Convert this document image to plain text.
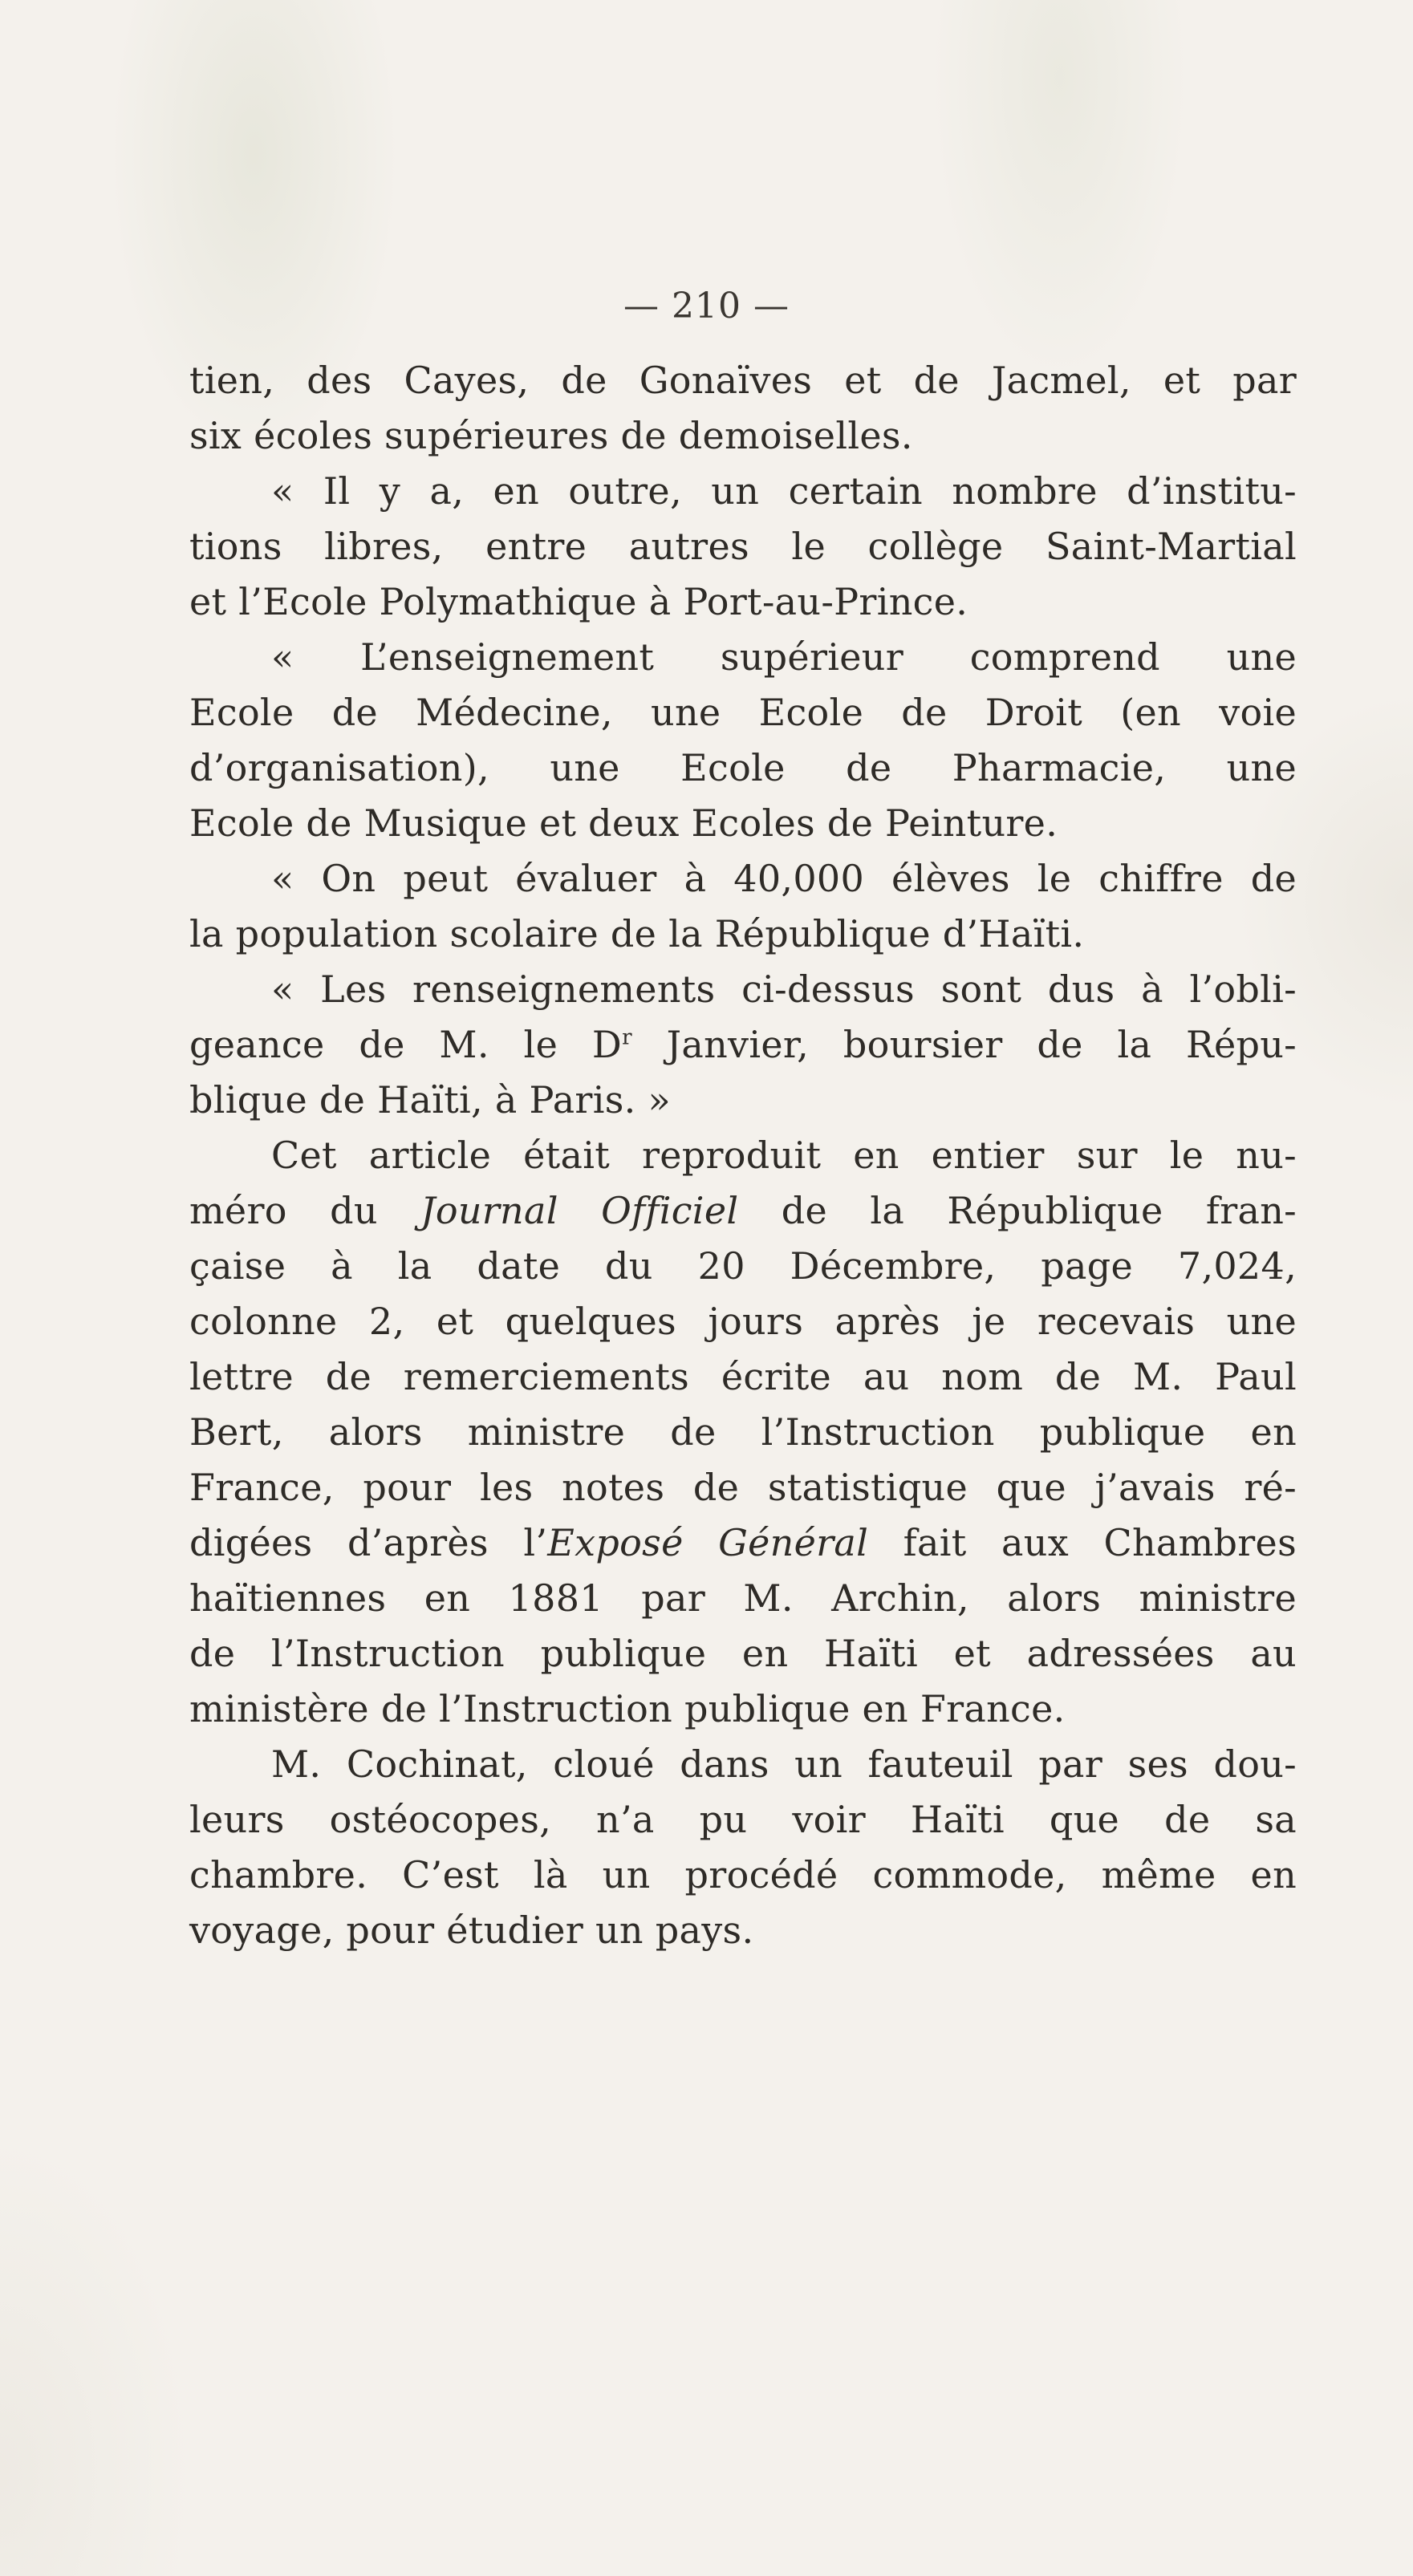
— 210 —
tien, des Cayes, de Gonaïves et de Jacmel, et par
six écoles supérieures de demoiselles.
« Il y a, en outre, un certain nombre d’institu-
tions libres, entre autres le collège Saint-Martial
et l’Ecole Polymathique à Port-au-Prince.
« L’enseignement supérieur comprend une
Ecole de Médecine, une Ecole de Droit (en voie
d’organisation), une Ecole de Pharmacie, une
Ecole de Musique et deux Ecoles de Peinture.
« On peut évaluer à 40,000 élèves le chiffre de
la population scolaire de la République d’Haïti.
« Les renseignements ci-dessus sont dus à l’obli-
geance de M. le $D^r$ Janvier, boursier de la Répu-
blique de Haïti, à Paris. »
Cet article était reproduit en entier sur le nu-
méro du Journal Officiel de la République fran-
çaise à la date du 20 Décembre, page 7,024,
colonne 2, et quelques jours après je recevais une
lettre de remerciements écrite au nom de M. Paul
Bert, alors ministre de l’Instruction publique en
France, pour les notes de statistique que j’avais ré-
digées d’après l’Exposé Général fait aux Chambres
haïtiennes en 1881 par M. Archin, alors ministre
de l’Instruction publique en Haïti et adressées au
ministère de l’Instruction publique en France.
M. Cochinat, cloué dans un fauteuil par ses dou-
leurs ostéocopes, n’a pu voir Haïti que de sa
chambre. C’est là un procédé commode, même en
voyage, pour étudier un pays.
